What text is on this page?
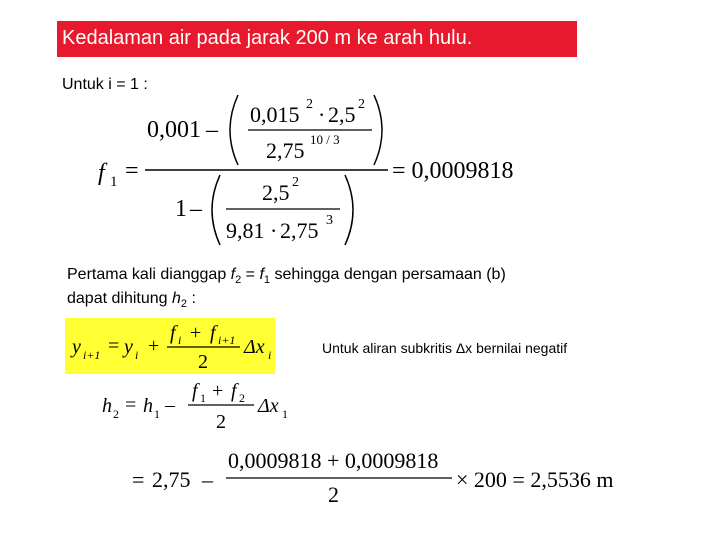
Kedalaman air pada jarak 200 m ke arah hulu.
Untuk i = 1 :
f 1 =
0,001 –
0,015 2 · 2,5 2
2,75 10 / 3
1 –
2,5 2
9,81 · 2,75 3
= 0,0009818
Pertama kali dianggap $f_2 = f_1$ sehingga dengan persamaan (b)
dapat dihitung $h_2$ :
y i+1 = y i +
f i + f i+1
2
Δx i	Untuk aliran subkritis Δx bernilai negatif
h 2 = h 1 –
f 1 + f 2
2
Δx 1
= 2,75 –
0,0009818 + 0,0009818
2
× 200 = 2,5536 m
